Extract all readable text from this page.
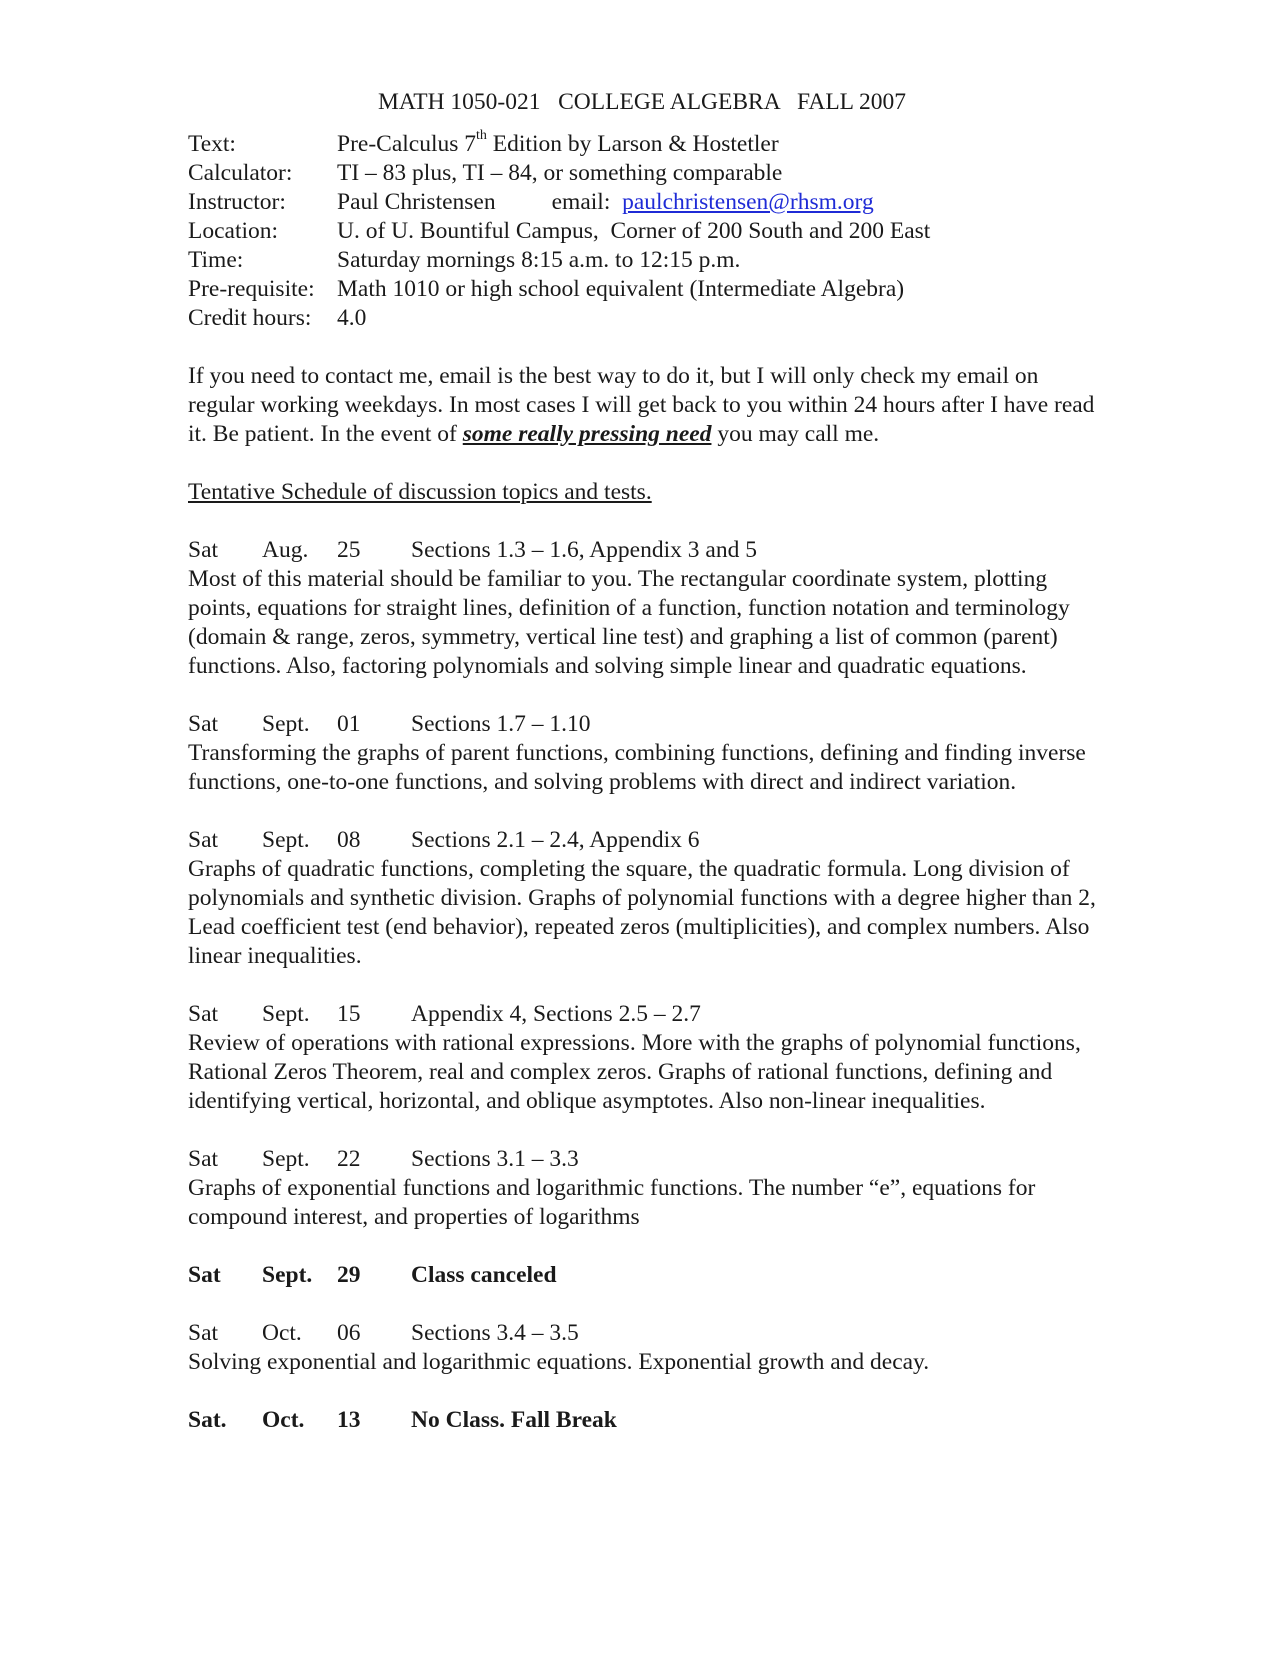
MATH 1050-021   COLLEGE ALGEBRA   FALL 2007
Text:	Pre-Calculus 7th Edition by Larson & Hostetler
Calculator:	TI – 83 plus, TI – 84, or something comparable
Instructor:	Paul Christensen email: paulchristensen@rhsm.org
Location:	U. of U. Bountiful Campus,  Corner of 200 South and 200 East
Time:	Saturday mornings 8:15 a.m. to 12:15 p.m.
Pre-requisite: Math 1010 or high school equivalent (Intermediate Algebra)
Credit hours:	4.0

If you need to contact me, email is the best way to do it, but I will only check my email on regular working weekdays. In most cases I will get back to you within 24 hours after I have read it. Be patient. In the event of some really pressing need you may call me.

Tentative Schedule of discussion topics and tests.
Sat	Aug.	25	Sections 1.3 – 1.6, Appendix 3 and 5

Most of this material should be familiar to you. The rectangular coordinate system, plotting points, equations for straight lines, definition of a function, function notation and terminology (domain & range, zeros, symmetry, vertical line test) and graphing a list of common (parent) functions. Also, factoring polynomials and solving simple linear and quadratic equations.

Sat	Sept.	01	Sections 1.7 – 1.10

Transforming the graphs of parent functions, combining functions, defining and finding inverse functions, one-to-one functions, and solving problems with direct and indirect variation.

Sat	Sept.	08	Sections 2.1 – 2.4, Appendix 6

Graphs of quadratic functions, completing the square, the quadratic formula. Long division of polynomials and synthetic division. Graphs of polynomial functions with a degree higher than 2, Lead coefficient test (end behavior), repeated zeros (multiplicities), and complex numbers. Also linear inequalities.

Sat	Sept.	15	Appendix 4, Sections 2.5 – 2.7

Review of operations with rational expressions. More with the graphs of polynomial functions, Rational Zeros Theorem, real and complex zeros. Graphs of rational functions, defining and identifying vertical, horizontal, and oblique asymptotes. Also non-linear inequalities.

Sat	Sept.	22	Sections 3.1 – 3.3

Graphs of exponential functions and logarithmic functions. The number “e”, equations for compound interest, and properties of logarithms

Sat	Sept.	29	Class canceled
Sat	Oct.	06	Sections 3.4 – 3.5

Solving exponential and logarithmic equations. Exponential growth and decay.

Sat.	Oct.	13	No Class. Fall Break
